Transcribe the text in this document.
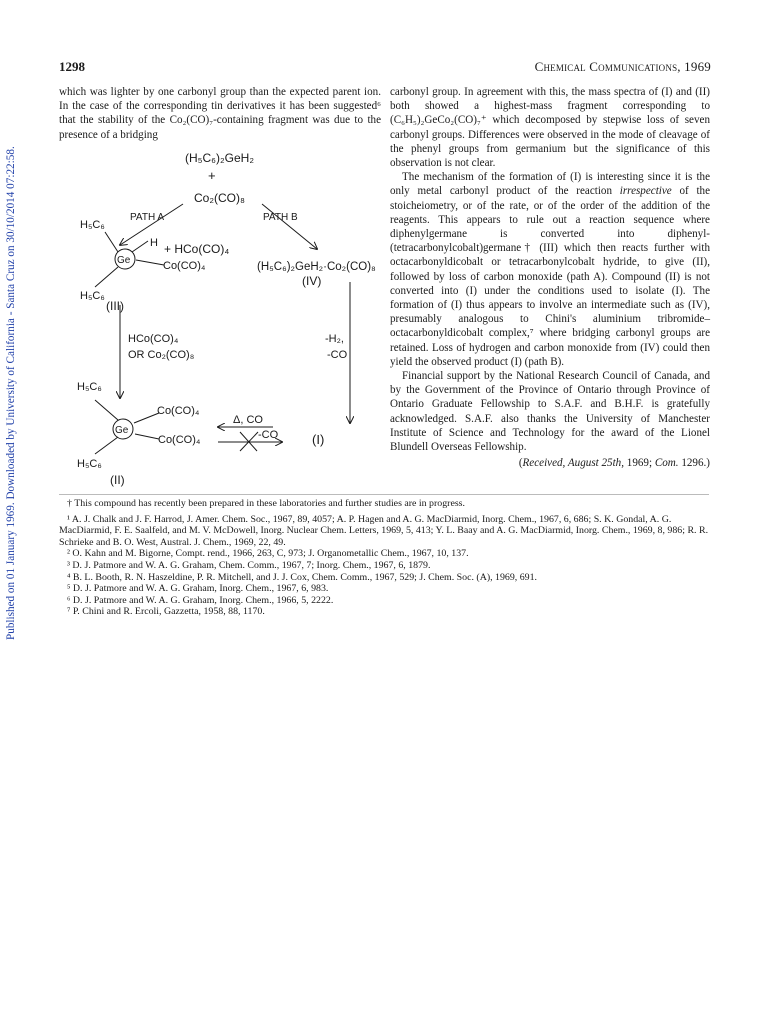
Published on 01 January 1969. Downloaded by University of California - Santa Cruz on 30/10/2014 07:22:58.
1298	Chemical Communications, 1969

which was lighter by one carbonyl group than the expected parent ion. In the case of the corresponding tin derivatives it has been suggested⁶ that the stability of the Co₂(CO)₇-containing fragment was due to the presence of a bridging

(H₅C₆)₂GeH₂
+
Co₂(CO)₈
PATH A	PATH B
H₅C₆
H
Ge	Co(CO)₄
+ HCo(CO)₄
(H₅C₆)₂GeH₂·Co₂(CO)₈
(IV)
H₅C₆
(III)
HCo(CO)₄
OR Co₂(CO)₈
-H₂,
-CO
H₅C₆
Co(CO)₄
Ge
Δ, CO
Co(CO)₄	-CO	(I)
H₅C₆
(II)

carbonyl group. In agreement with this, the mass spectra of (I) and (II) both showed a highest-mass fragment corresponding to (C₆H₅)₂GeCo₂(CO)₇⁺ which decomposed by stepwise loss of seven carbonyl groups. Differences were observed in the mode of cleavage of the phenyl groups from germanium but the significance of this observation is not clear.

The mechanism of the formation of (I) is interesting since it is the only metal carbonyl product of the reaction irrespective of the stoicheiometry, or of the rate, or of the order of the addition of the reagents. This appears to rule out a reaction sequence where diphenylgermane is converted into diphenyl-(tetracarbonylcobalt)germane† (III) which then reacts further with octacarbonyldicobalt or tetracarbonylcobalt hydride, to give (II), followed by loss of carbon monoxide (path A). Compound (II) is not converted into (I) under the conditions used to isolate (I). The formation of (I) thus appears to involve an intermediate such as (IV), presumably analogous to Chini's aluminium tribromide–octacarbonyldicobalt complex,⁷ where bridging carbonyl groups are retained. Loss of hydrogen and carbon monoxide from (IV) could then yield the observed product (I) (path B).

Financial support by the National Research Council of Canada, and by the Government of the Province of Ontario through Province of Ontario Graduate Fellowship to S.A.F. and B.H.F. is gratefully acknowledged. S.A.F. also thanks the University of Manchester Institute of Science and Technology for the award of the Lionel Blundell Overseas Fellowship.

(Received, August 25th, 1969; Com. 1296.)

† This compound has recently been prepared in these laboratories and further studies are in progress.

¹ A. J. Chalk and J. F. Harrod, J. Amer. Chem. Soc., 1967, 89, 4057; A. P. Hagen and A. G. MacDiarmid, Inorg. Chem., 1967, 6, 686; S. K. Gondal, A. G. MacDiarmid, F. E. Saalfeld, and M. V. McDowell, Inorg. Nuclear Chem. Letters, 1969, 5, 413; Y. L. Baay and A. G. MacDiarmid, Inorg. Chem., 1969, 8, 986; R. R. Schrieke and B. O. West, Austral. J. Chem., 1969, 22, 49.

² O. Kahn and M. Bigorne, Compt. rend., 1966, 263, C, 973; J. Organometallic Chem., 1967, 10, 137.

³ D. J. Patmore and W. A. G. Graham, Chem. Comm., 1967, 7; Inorg. Chem., 1967, 6, 1879.

⁴ B. L. Booth, R. N. Haszeldine, P. R. Mitchell, and J. J. Cox, Chem. Comm., 1967, 529; J. Chem. Soc. (A), 1969, 691.

⁵ D. J. Patmore and W. A. G. Graham, Inorg. Chem., 1967, 6, 983.

⁶ D. J. Patmore and W. A. G. Graham, Inorg. Chem., 1966, 5, 2222.

⁷ P. Chini and R. Ercoli, Gazzetta, 1958, 88, 1170.
